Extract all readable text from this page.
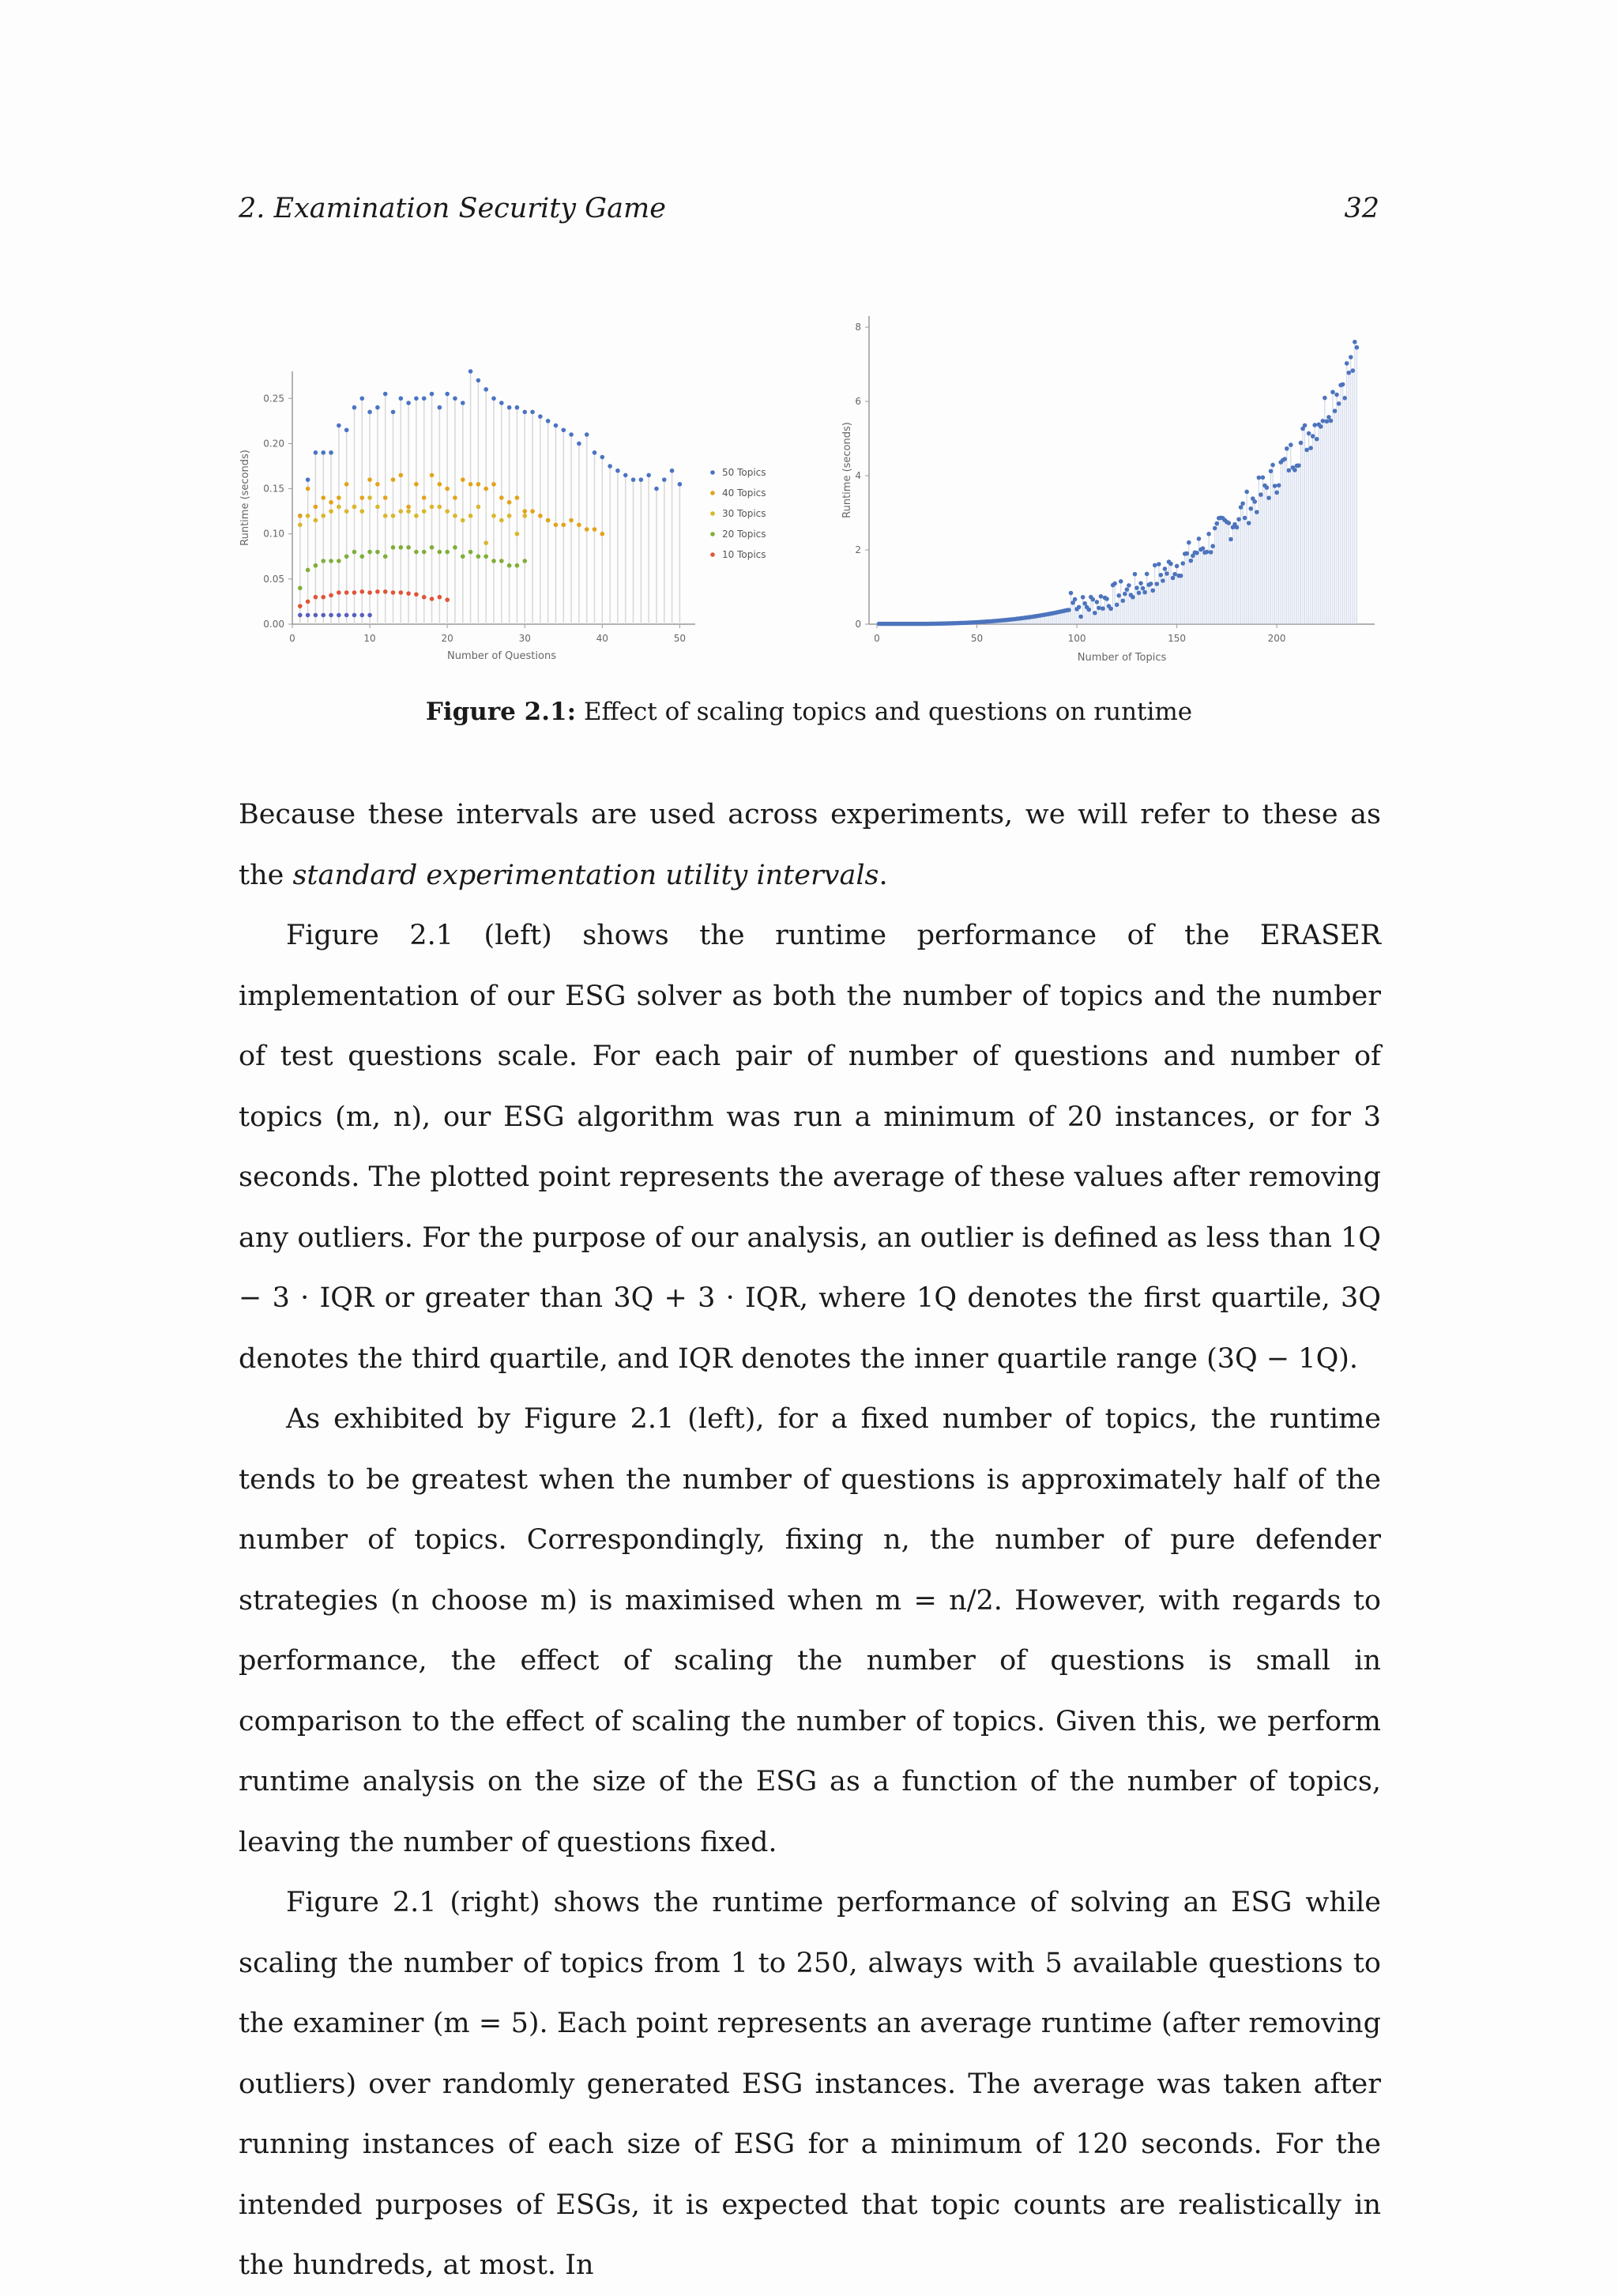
2. Examination Security Game	32
0	10	20	30	40	50
0.00
0.05
0.10
0.15
0.20
0.25
Number of Questions
Runtime (seconds)	50 Topics
40 Topics
30 Topics
20 Topics
10 Topics
0	50	100	150	200
0
2
4
6
8
Number of Topics
Runtime (seconds)
Figure 2.1: Effect of scaling topics and questions on runtime

Because these intervals are used across experiments, we will refer to these as the standard experimentation utility intervals.

Figure 2.1 (left) shows the runtime performance of the ERASER implementation of our ESG solver as both the number of topics and the number of test questions scale. For each pair of number of questions and number of topics (m, n), our ESG algorithm was run a minimum of 20 instances, or for 3 seconds. The plotted point represents the average of these values after removing any outliers. For the purpose of our analysis, an outlier is defined as less than 1Q − 3 · IQR or greater than 3Q + 3 · IQR, where 1Q denotes the first quartile, 3Q denotes the third quartile, and IQR denotes the inner quartile range (3Q − 1Q).

As exhibited by Figure 2.1 (left), for a fixed number of topics, the runtime tends to be greatest when the number of questions is approximately half of the number of topics. Correspondingly, fixing n, the number of pure defender strategies (n choose m) is maximised when m = n/2. However, with regards to performance, the effect of scaling the number of questions is small in comparison to the effect of scaling the number of topics. Given this, we perform runtime analysis on the size of the ESG as a function of the number of topics, leaving the number of questions fixed.

Figure 2.1 (right) shows the runtime performance of solving an ESG while scaling the number of topics from 1 to 250, always with 5 available questions to the examiner (m = 5). Each point represents an average runtime (after removing outliers) over randomly generated ESG instances. The average was taken after running instances of each size of ESG for a minimum of 120 seconds. For the intended purposes of ESGs, it is expected that topic counts are realistically in the hundreds, at most. In
